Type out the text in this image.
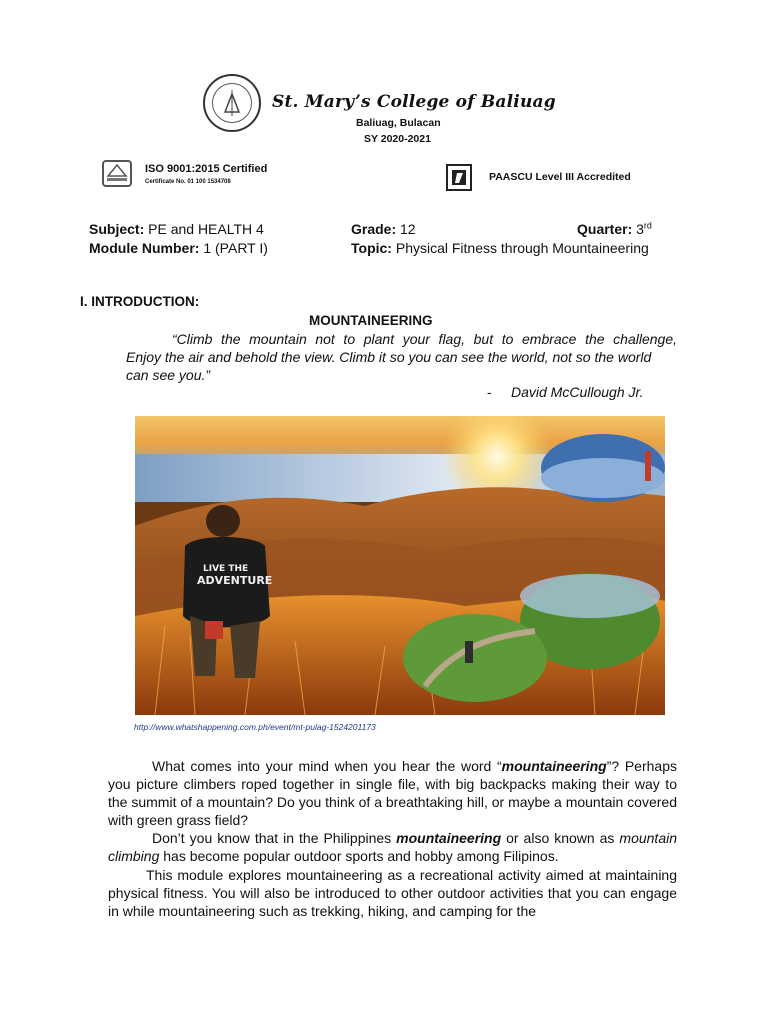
St. Mary’s College of Baliuag
Baliuag, Bulacan
SY 2020-2021
ISO 9001:2015 Certified
Certificate No. 01 100 1534708	PAASCU Level III Accredited
Subject: PE and HEALTH 4	Grade: 12	Quarter: 3rd
Module Number: 1 (PART I)	Topic: Physical Fitness through Mountaineering
I. INTRODUCTION:
MOUNTAINEERING
“Climb the mountain not to plant your flag, but to embrace the challenge,
Enjoy the air and behold the view. Climb it so you can see the world, not so the world can see you.”
- David McCullough Jr.
LIVE THE
ADVENTURE
http://www.whatshappening.com.ph/event/mt-pulag-1524201173
What comes into your mind when you hear the word “mountaineering”? Perhaps you picture climbers roped together in single file, with big backpacks making their way to the summit of a mountain? Do you think of a breathtaking hill, or maybe a mountain covered with green grass field?
Don’t you know that in the Philippines mountaineering or also known as mountain climbing has become popular outdoor sports and hobby among Filipinos.
This module explores mountaineering as a recreational activity aimed at maintaining physical fitness. You will also be introduced to other outdoor activities that you can engage in while mountaineering such as trekking, hiking, and camping for the
